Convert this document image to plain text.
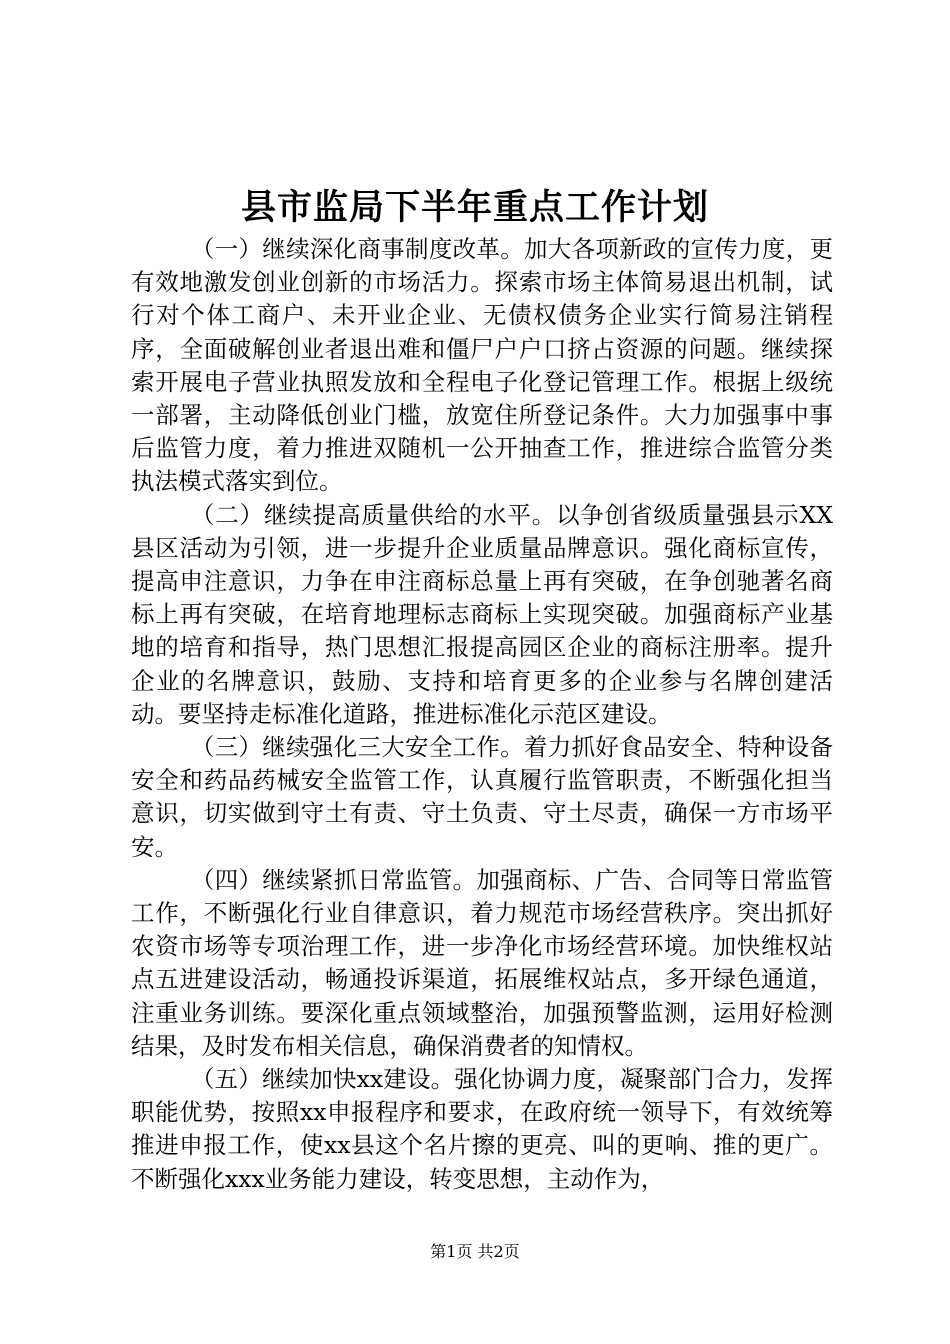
县市监局下半年重点工作计划

（一）继续深化商事制度改革。加大各项新政的宣传力度，更有效地激发创业创新的市场活力。探索市场主体简易退出机制，试行对个体工商户、未开业企业、无债权债务企业实行简易注销程序，全面破解创业者退出难和僵尸户户口挤占资源的问题。继续探索开展电子营业执照发放和全程电子化登记管理工作。根据上级统一部署，主动降低创业门槛，放宽住所登记条件。大力加强事中事后监管力度，着力推进双随机一公开抽查工作，推进综合监管分类执法模式落实到位。

（二）继续提高质量供给的水平。以争创省级质量强县示XX县区活动为引领，进一步提升企业质量品牌意识。强化商标宣传，提高申注意识，力争在申注商标总量上再有突破，在争创驰著名商标上再有突破，在培育地理标志商标上实现突破。加强商标产业基地的培育和指导，热门思想汇报提高园区企业的商标注册率。提升企业的名牌意识，鼓励、支持和培育更多的企业参与名牌创建活动。要坚持走标准化道路，推进标准化示范区建设。

（三）继续强化三大安全工作。着力抓好食品安全、特种设备安全和药品药械安全监管工作，认真履行监管职责，不断强化担当意识，切实做到守土有责、守土负责、守土尽责，确保一方市场平安。

（四）继续紧抓日常监管。加强商标、广告、合同等日常监管工作，不断强化行业自律意识，着力规范市场经营秩序。突出抓好农资市场等专项治理工作，进一步净化市场经营环境。加快维权站点五进建设活动，畅通投诉渠道，拓展维权站点，多开绿色通道，注重业务训练。要深化重点领域整治，加强预警监测，运用好检测结果，及时发布相关信息，确保消费者的知情权。

（五）继续加快xx建设。强化协调力度，凝聚部门合力，发挥职能优势，按照xx申报程序和要求，在政府统一领导下，有效统筹推进申报工作，使xx县这个名片擦的更亮、叫的更响、推的更广。不断强化xxx业务能力建设，转变思想，主动作为，

第1页 共2页
